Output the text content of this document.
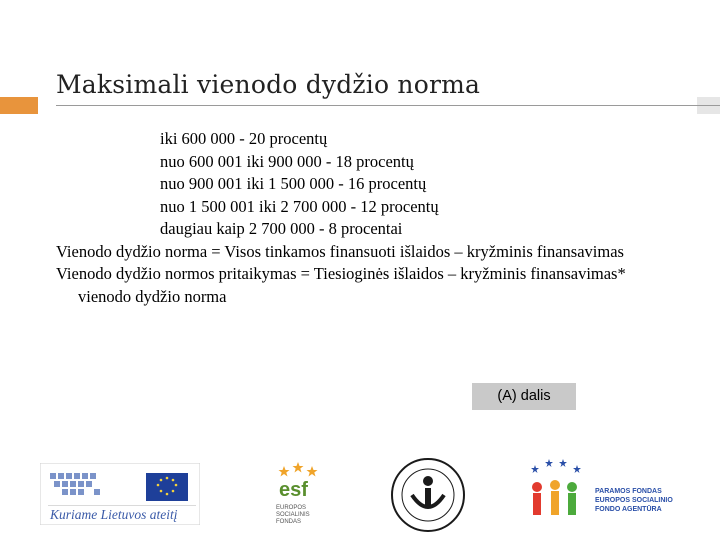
Maksimali vienodo dydžio norma
iki 600 000 - 20 procentų
nuo 600 001 iki 900 000 - 18 procentų
nuo 900 001 iki 1 500 000 - 16 procentų
nuo 1 500 001 iki 2 700 000 - 12 procentų
daugiau kaip 2 700 000 - 8 procentai
Vienodo dydžio norma = Visos tinkamos finansuoti išlaidos – kryžminis finansavimas
Vienodo dydžio normos pritaikymas = Tiesioginės išlaidos – kryžminis finansavimas* vienodo dydžio norma
(A) dalis
Kuriame Lietuvos ateitį
esf
EUROPOS SOCIALINIS FONDAS
PARAMOS FONDAS EUROPOS SOCIALINIO FONDO AGENTŪRA
